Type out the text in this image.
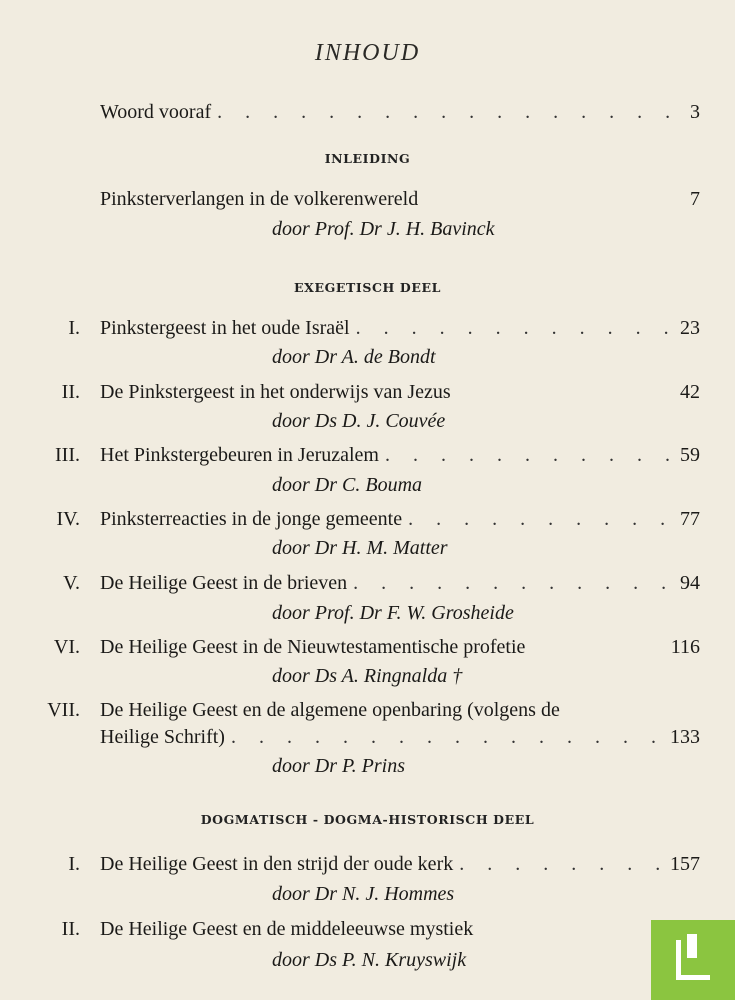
INHOUD
Woord vooraf . . .	3
INLEIDING
Pinksterverlangen in de volkerenwereld	7
door Prof. Dr J. H. Bavinck
EXEGETISCH DEEL
I. Pinkstergeest in het oude Israël . . .	23
door Dr A. de Bondt
II. De Pinkstergeest in het onderwijs van Jezus	42
door Ds D. J. Couvée
III. Het Pinkstergebeuren in Jeruzalem . . .	59
door Dr C. Bouma
IV. Pinksterreacties in de jonge gemeente . . .	77
door Dr H. M. Matter
V. De Heilige Geest in de brieven . . .	94
door Prof. Dr F. W. Grosheide
VI. De Heilige Geest in de Nieuwtestamentische profetie	116
door Ds A. Ringnalda †
VII. De Heilige Geest en de algemene openbaring (volgens de
Heilige Schrift) . . .	133
door Dr P. Prins
DOGMATISCH - DOGMA-HISTORISCH DEEL
I. De Heilige Geest in den strijd der oude kerk . . .	157
door Dr N. J. Hommes
II. De Heilige Geest en de middeleeuwse mystiek
door Ds P. N. Kruyswijk
